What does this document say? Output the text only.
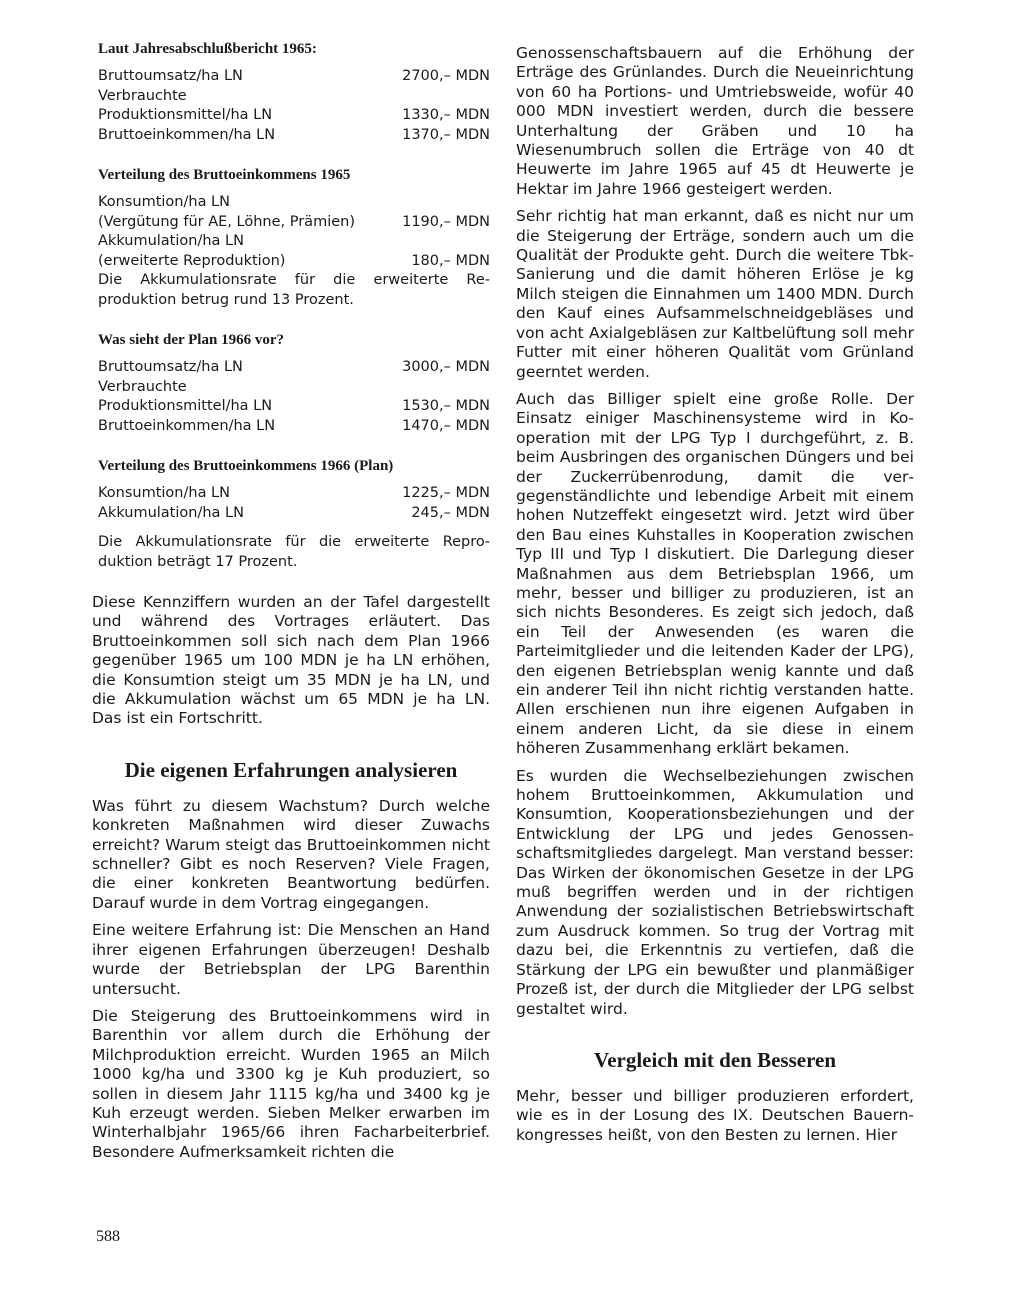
Laut Jahresabschlußbericht 1965:
Bruttoumsatz/ha LN	2700,– MDN
Verbrauchte
Produktionsmittel/ha LN	1330,– MDN
Bruttoeinkommen/ha LN	1370,– MDN
Verteilung des Bruttoeinkommens 1965
Konsumtion/ha LN
(Vergütung für AE, Löhne, Prämien)	1190,– MDN
Akkumulation/ha LN
(erweiterte Reproduktion)	180,– MDN
Die Akkumulationsrate für die erweiterte Reproduktion betrug rund 13 Prozent.
Was sieht der Plan 1966 vor?
Bruttoumsatz/ha LN	3000,– MDN
Verbrauchte
Produktionsmittel/ha LN	1530,– MDN
Bruttoeinkommen/ha LN	1470,– MDN
Verteilung des Bruttoeinkommens 1966 (Plan)
Konsumtion/ha LN	1225,– MDN
Akkumulation/ha LN	245,– MDN
Die Akkumulationsrate für die erweiterte Reproduktion beträgt 17 Prozent.

Diese Kennziffern wurden an der Tafel dargestellt und während des Vortrages erläutert. Das Bruttoeinkommen soll sich nach dem Plan 1966 gegenüber 1965 um 100 MDN je ha LN erhöhen, die Konsumtion steigt um 35 MDN je ha LN, und die Akkumulation wächst um 65 MDN je ha LN. Das ist ein Fortschritt.

Die eigenen Erfahrungen analysieren

Was führt zu diesem Wachstum? Durch welche konkreten Maßnahmen wird dieser Zuwachs erreicht? Warum steigt das Bruttoeinkommen nicht schneller? Gibt es noch Reserven? Viele Fragen, die einer konkreten Beantwortung bedürfen. Darauf wurde in dem Vortrag eingegangen.

Eine weitere Erfahrung ist: Die Menschen an Hand ihrer eigenen Erfahrungen überzeugen! Deshalb wurde der Betriebsplan der LPG Barenthin untersucht.

Die Steigerung des Bruttoeinkommens wird in Barenthin vor allem durch die Erhöhung der Milchproduktion erreicht. Wurden 1965 an Milch 1000 kg/ha und 3300 kg je Kuh produziert, so sollen in diesem Jahr 1115 kg/ha und 3400 kg je Kuh erzeugt werden. Sieben Melker erwarben im Winterhalbjahr 1965/66 ihren Facharbeiterbrief. Besondere Aufmerksamkeit richten die

Genossenschaftsbauern auf die Erhöhung der Erträge des Grünlandes. Durch die Neueinrichtung von 60 ha Portions- und Umtriebsweide, wofür 40 000 MDN investiert werden, durch die bessere Unterhaltung der Gräben und 10 ha Wiesenumbruch sollen die Erträge von 40 dt Heuwerte im Jahre 1965 auf 45 dt Heuwerte je Hektar im Jahre 1966 gesteigert werden.

Sehr richtig hat man erkannt, daß es nicht nur um die Steigerung der Erträge, sondern auch um die Qualität der Produkte geht. Durch die weitere Tbk-Sanierung und die damit höheren Erlöse je kg Milch steigen die Einnahmen um 1400 MDN. Durch den Kauf eines Aufsammelschneidgebläses und von acht Axialgebläsen zur Kaltbelüftung soll mehr Futter mit einer höheren Qualität vom Grünland geerntet werden.

Auch das Billiger spielt eine große Rolle. Der Einsatz einiger Maschinensysteme wird in Kooperation mit der LPG Typ I durchgeführt, z. B. beim Ausbringen des organischen Düngers und bei der Zuckerrübenrodung, damit die vergegenständlichte und lebendige Arbeit mit einem hohen Nutzeffekt eingesetzt wird. Jetzt wird über den Bau eines Kuhstalles in Kooperation zwischen Typ III und Typ I diskutiert. Die Darlegung dieser Maßnahmen aus dem Betriebsplan 1966, um mehr, besser und billiger zu produzieren, ist an sich nichts Besonderes. Es zeigt sich jedoch, daß ein Teil der Anwesenden (es waren die Parteimitglieder und die leitenden Kader der LPG), den eigenen Betriebsplan wenig kannte und daß ein anderer Teil ihn nicht richtig verstanden hatte. Allen erschienen nun ihre eigenen Aufgaben in einem anderen Licht, da sie diese in einem höheren Zusammenhang erklärt bekamen.

Es wurden die Wechselbeziehungen zwischen hohem Bruttoeinkommen, Akkumulation und Konsumtion, Kooperationsbeziehungen und der Entwicklung der LPG und jedes Genossenschaftsmitgliedes dargelegt. Man verstand besser: Das Wirken der ökonomischen Gesetze in der LPG muß begriffen werden und in der richtigen Anwendung der sozialistischen Betriebswirtschaft zum Ausdruck kommen. So trug der Vortrag mit dazu bei, die Erkenntnis zu vertiefen, daß die Stärkung der LPG ein bewußter und planmäßiger Prozeß ist, der durch die Mitglieder der LPG selbst gestaltet wird.

Vergleich mit den Besseren

Mehr, besser und billiger produzieren erfordert, wie es in der Losung des IX. Deutschen Bauernkongresses heißt, von den Besten zu lernen. Hier

588
